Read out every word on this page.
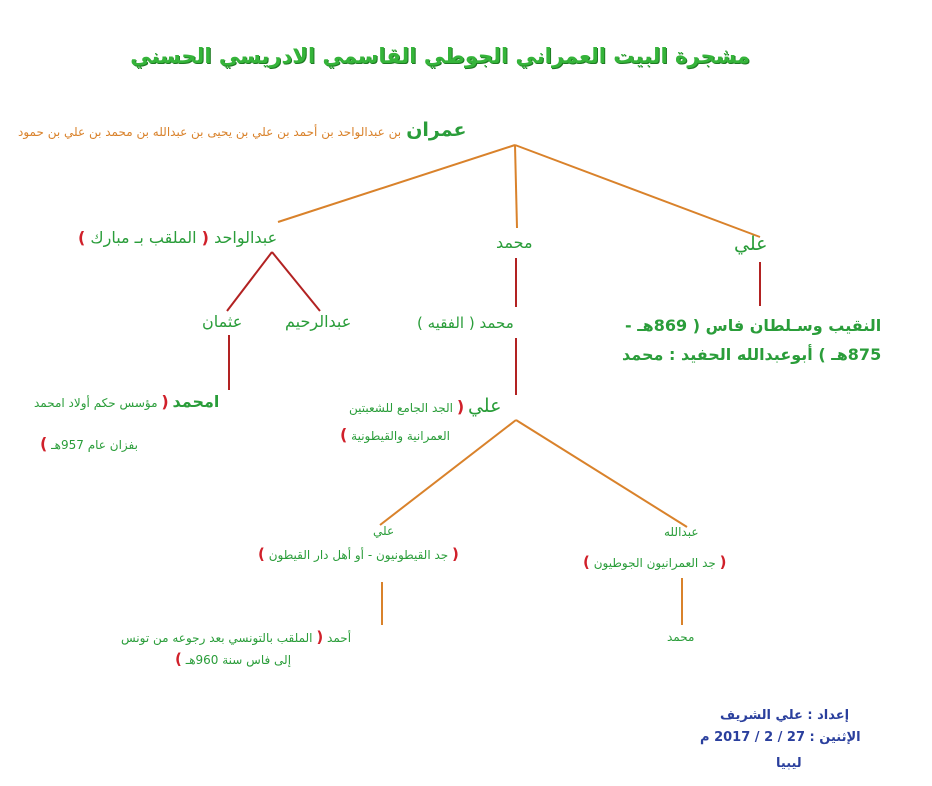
مشجرة البيت العمراني الجوطي القاسمي الادريسي الحسني
عمران بن عبدالواحد بن أحمد بن علي بن يحيى بن عبدالله بن محمد بن علي بن حمود
علي
محمد
عبدالواحد ( الملقب بـ مبارك )
النقيب وسـلطان فاس ( 869هـ -
875هـ ) أبوعبدالله الحفيد : محمد
محمد ( الفقيه )
عبدالرحيم
عثمان
امحمد ( مؤسس حكم أولاد امحمد
بفزان عام 957هـ )
علي ( الجد الجامع للشعبتين
العمرانية والقيطونية )
علي
( جد القيطونيون - أو أهل دار القيطون )
عبدالله
( جد العمرانيون الجوطيون )
أحمد ( الملقب بالتونسي بعد رجوعه من تونس
إلى فاس سنة 960هـ )
محمد
إعداد : علي الشريف
الإثنين : 27 / 2 / 2017 م
ليبيا
